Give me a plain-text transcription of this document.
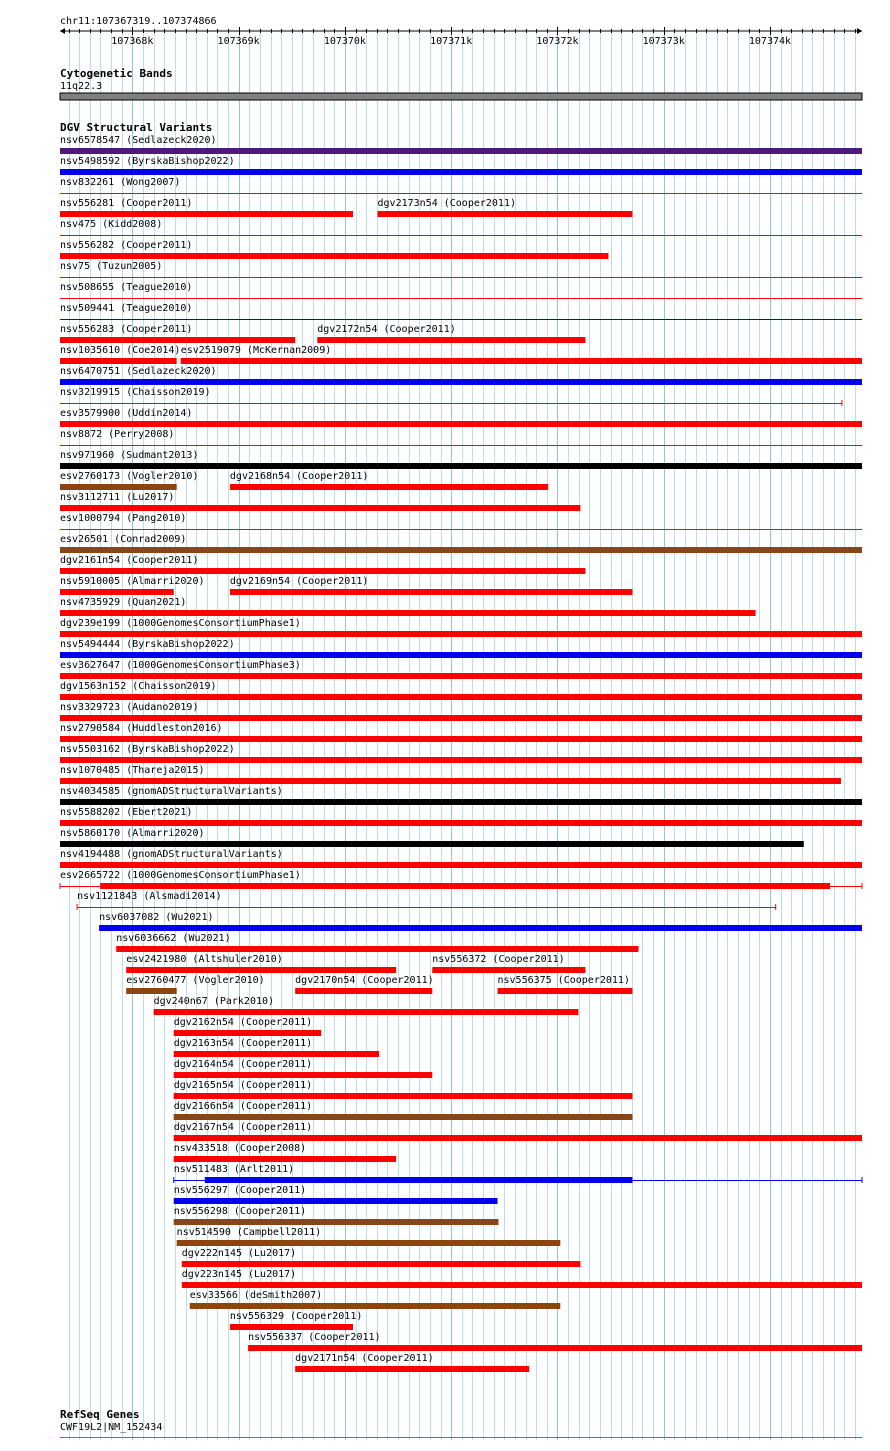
chr11:107367319..107374866
107368k	107369k	107370k	107371k	107372k	107373k	107374k
Cytogenetic Bands
11q22.3
DGV Structural Variants
nsv6578547 (Sedlazeck2020)
nsv5498592 (ByrskaBishop2022)
nsv832261 (Wong2007)
nsv556281 (Cooper2011)	dgv2173n54 (Cooper2011)
nsv475 (Kidd2008)
nsv556282 (Cooper2011)
nsv75 (Tuzun2005)
nsv508655 (Teague2010)
nsv509441 (Teague2010)
nsv556283 (Cooper2011)	dgv2172n54 (Cooper2011)
nsv1035610 (Coe2014) esv2519079 (McKernan2009)
nsv6470751 (Sedlazeck2020)
nsv3219915 (Chaisson2019)
esv3579900 (Uddin2014)
nsv8872 (Perry2008)
nsv971960 (Sudmant2013)
esv2760173 (Vogler2010)	dgv2168n54 (Cooper2011)
nsv3112711 (Lu2017)
esv1000794 (Pang2010)
esv26501 (Conrad2009)
dgv2161n54 (Cooper2011)
nsv5910005 (Almarri2020)	dgv2169n54 (Cooper2011)
nsv4735929 (Quan2021)
dgv239e199 (1000GenomesConsortiumPhase1)
nsv5494444 (ByrskaBishop2022)
esv3627647 (1000GenomesConsortiumPhase3)
dgv1563n152 (Chaisson2019)
nsv3329723 (Audano2019)
nsv2790584 (Huddleston2016)
nsv5503162 (ByrskaBishop2022)
nsv1070485 (Thareja2015)
nsv4034585 (gnomADStructuralVariants)
nsv5588202 (Ebert2021)
nsv5860170 (Almarri2020)
nsv4194488 (gnomADStructuralVariants)
esv2665722 (1000GenomesConsortiumPhase1)
nsv1121843 (Alsmadi2014)
nsv6037082 (Wu2021)
nsv6036662 (Wu2021)
esv2421980 (Altshuler2010)	nsv556372 (Cooper2011)
esv2760477 (Vogler2010)	dgv2170n54 (Cooper2011)	nsv556375 (Cooper2011)
dgv240n67 (Park2010)
dgv2162n54 (Cooper2011)
dgv2163n54 (Cooper2011)
dgv2164n54 (Cooper2011)
dgv2165n54 (Cooper2011)
dgv2166n54 (Cooper2011)
dgv2167n54 (Cooper2011)
nsv433518 (Cooper2008)
nsv511483 (Arlt2011)
nsv556297 (Cooper2011)
nsv556298 (Cooper2011)
nsv514590 (Campbell2011)
dgv222n145 (Lu2017)
dgv223n145 (Lu2017)
esv33566 (deSmith2007)
nsv556329 (Cooper2011)
nsv556337 (Cooper2011)
dgv2171n54 (Cooper2011)
RefSeq Genes
CWF19L2|NM_152434
